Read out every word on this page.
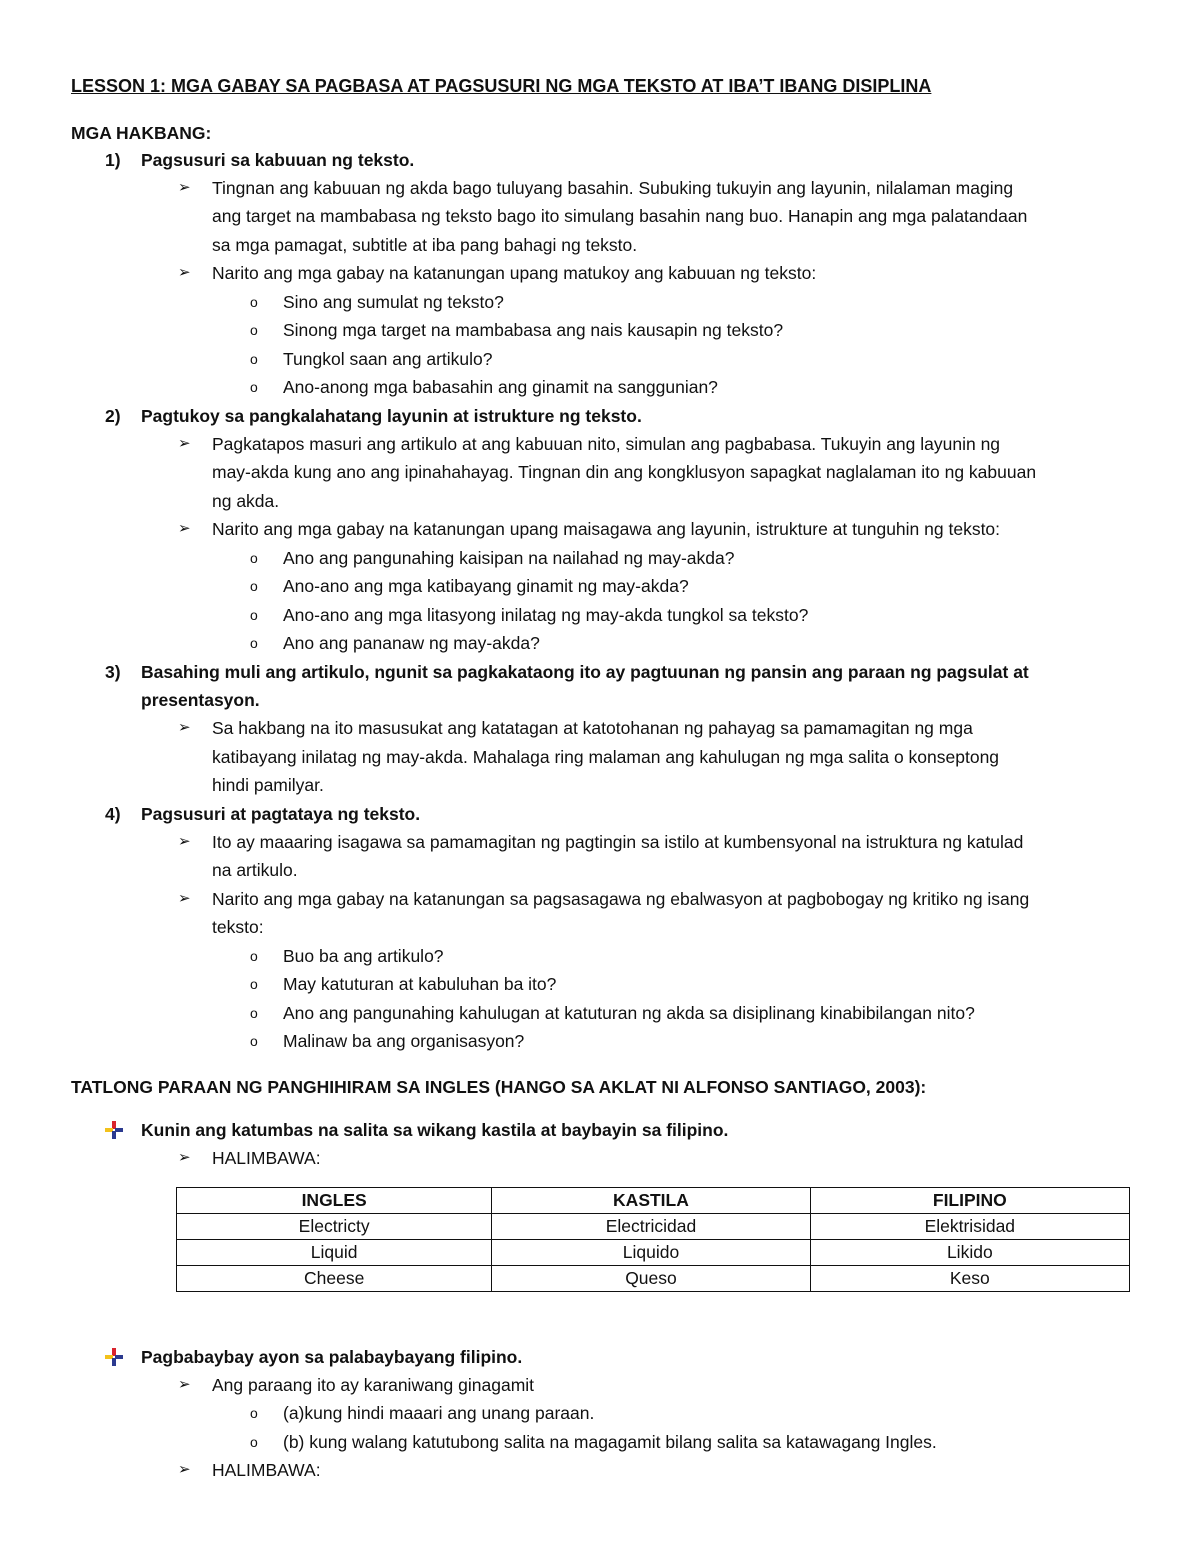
LESSON 1: MGA GABAY SA PAGBASA AT PAGSUSURI NG MGA TEKSTO AT IBA’T IBANG DISIPLINA
MGA HAKBANG:
1) Pagsusuri sa kabuuan ng teksto.
➢ Tingnan ang kabuuan ng akda bago tuluyang basahin. Subuking tukuyin ang layunin, nilalaman maging
ang target na mambabasa ng teksto bago ito simulang basahin nang buo. Hanapin ang mga palatandaan
sa mga pamagat, subtitle at iba pang bahagi ng teksto.
➢ Narito ang mga gabay na katanungan upang matukoy ang kabuuan ng teksto:
o Sino ang sumulat ng teksto?
o Sinong mga target na mambabasa ang nais kausapin ng teksto?
o Tungkol saan ang artikulo?
o Ano-anong mga babasahin ang ginamit na sanggunian?
2) Pagtukoy sa pangkalahatang layunin at istrukture ng teksto.
➢ Pagkatapos masuri ang artikulo at ang kabuuan nito, simulan ang pagbabasa. Tukuyin ang layunin ng
may-akda kung ano ang ipinahahayag. Tingnan din ang kongklusyon sapagkat naglalaman ito ng kabuuan
ng akda.
➢ Narito ang mga gabay na katanungan upang maisagawa ang layunin, istrukture at tunguhin ng teksto:
o Ano ang pangunahing kaisipan na nailahad ng may-akda?
o Ano-ano ang mga katibayang ginamit ng may-akda?
o Ano-ano ang mga litasyong inilatag ng may-akda tungkol sa teksto?
o Ano ang pananaw ng may-akda?
3) Basahing muli ang artikulo, ngunit sa pagkakataong ito ay pagtuunan ng pansin ang paraan ng pagsulat at
presentasyon.
➢ Sa hakbang na ito masusukat ang katatagan at katotohanan ng pahayag sa pamamagitan ng mga
katibayang inilatag ng may-akda. Mahalaga ring malaman ang kahulugan ng mga salita o konseptong
hindi pamilyar.
4) Pagsusuri at pagtataya ng teksto.
➢ Ito ay maaaring isagawa sa pamamagitan ng pagtingin sa istilo at kumbensyonal na istruktura ng katulad
na artikulo.
➢ Narito ang mga gabay na katanungan sa pagsasagawa ng ebalwasyon at pagbobogay ng kritiko ng isang
teksto:
o Buo ba ang artikulo?
o May katuturan at kabuluhan ba ito?
o Ano ang pangunahing kahulugan at katuturan ng akda sa disiplinang kinabibilangan nito?
o Malinaw ba ang organisasyon?
TATLONG PARAAN NG PANGHIHIRAM SA INGLES (HANGO SA AKLAT NI ALFONSO SANTIAGO, 2003):
Kunin ang katumbas na salita sa wikang kastila at baybayin sa filipino.
➢ HALIMBAWA:
INGLES	KASTILA	FILIPINO
Electricty	Electricidad	Elektrisidad
Liquid	Liquido	Likido
Cheese	Queso	Keso
Pagbabaybay ayon sa palabaybayang filipino.
➢ Ang paraang ito ay karaniwang ginagamit
o (a)kung hindi maaari ang unang paraan.
o (b) kung walang katutubong salita na magagamit bilang salita sa katawagang Ingles.
➢ HALIMBAWA:
